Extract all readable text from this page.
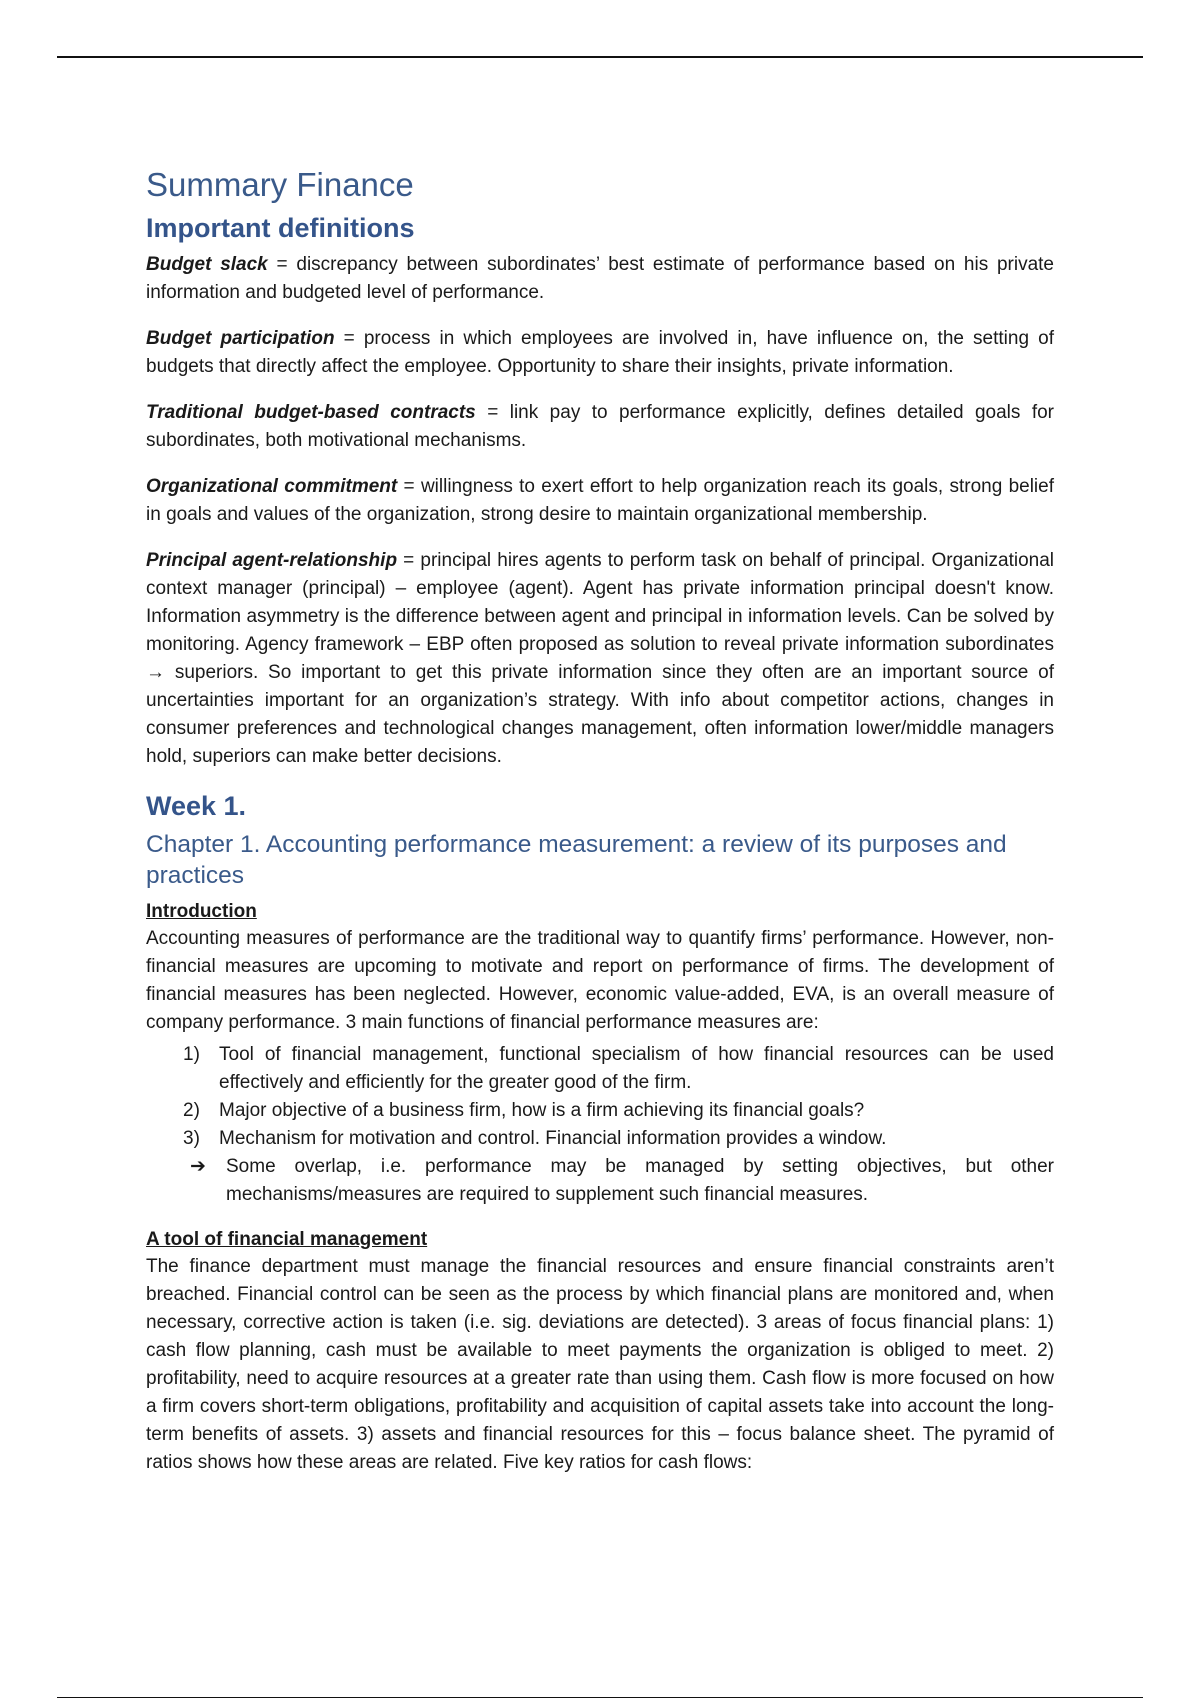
Summary Finance
Important definitions

Budget slack = discrepancy between subordinates’ best estimate of performance based on his private information and budgeted level of performance.

Budget participation = process in which employees are involved in, have influence on, the setting of budgets that directly affect the employee. Opportunity to share their insights, private information.

Traditional budget-based contracts = link pay to performance explicitly, defines detailed goals for subordinates, both motivational mechanisms.

Organizational commitment = willingness to exert effort to help organization reach its goals, strong belief in goals and values of the organization, strong desire to maintain organizational membership.

Principal agent-relationship = principal hires agents to perform task on behalf of principal. Organizational context manager (principal) – employee (agent). Agent has private information principal doesn't know. Information asymmetry is the difference between agent and principal in information levels. Can be solved by monitoring. Agency framework – EBP often proposed as solution to reveal private information subordinates → superiors. So important to get this private information since they often are an important source of uncertainties important for an organization’s strategy. With info about competitor actions, changes in consumer preferences and technological changes management, often information lower/middle managers hold, superiors can make better decisions.

Week 1.
Chapter 1. Accounting performance measurement: a review of its purposes and practices
Introduction

Accounting measures of performance are the traditional way to quantify firms’ performance. However, non-financial measures are upcoming to motivate and report on performance of firms. The development of financial measures has been neglected. However, economic value-added, EVA, is an overall measure of company performance. 3 main functions of financial performance measures are:

1) Tool of financial management, functional specialism of how financial resources can be used effectively and efficiently for the greater good of the firm.
2) Major objective of a business firm, how is a firm achieving its financial goals?
3) Mechanism for motivation and control. Financial information provides a window.
➔ Some overlap, i.e. performance may be managed by setting objectives, but other mechanisms/measures are required to supplement such financial measures.
A tool of financial management

The finance department must manage the financial resources and ensure financial constraints aren’t breached. Financial control can be seen as the process by which financial plans are monitored and, when necessary, corrective action is taken (i.e. sig. deviations are detected). 3 areas of focus financial plans: 1) cash flow planning, cash must be available to meet payments the organization is obliged to meet. 2) profitability, need to acquire resources at a greater rate than using them. Cash flow is more focused on how a firm covers short-term obligations, profitability and acquisition of capital assets take into account the long-term benefits of assets. 3) assets and financial resources for this – focus balance sheet. The pyramid of ratios shows how these areas are related. Five key ratios for cash flows:
